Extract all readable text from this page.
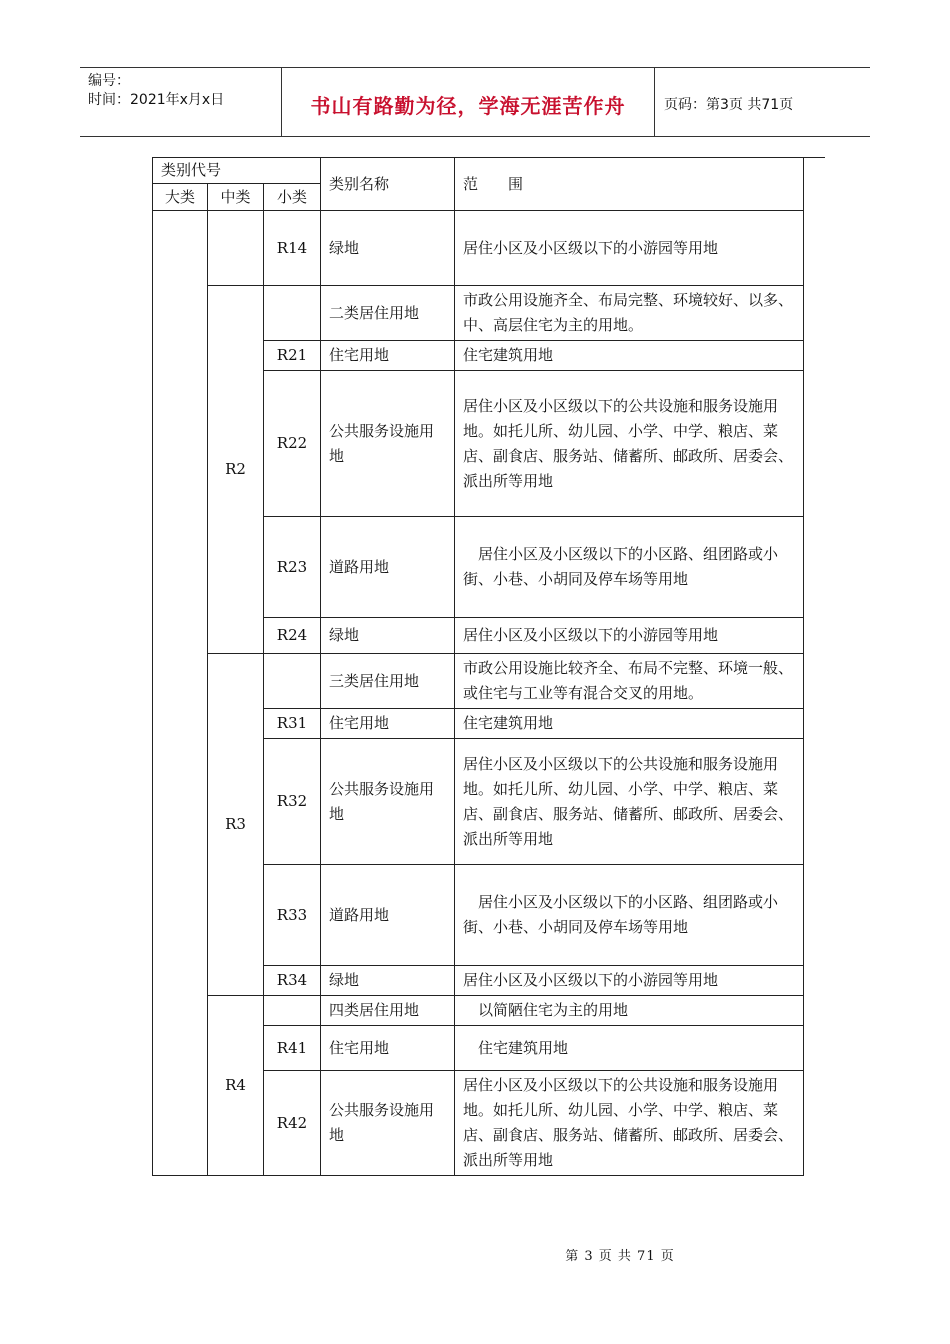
编号：
时间：2021年x月x日	书山有路勤为径，学海无涯苦作舟	页码：第3页 共71页
类别代号			类别名称	范　　围
大类	中类	小类		
		R14	绿地	居住小区及小区级以下的小游园等用地
	R2		二类居住用地	市政公用设施齐全、布局完整、环境较好、以多、中、高层住宅为主的用地。
		R21	住宅用地	住宅建筑用地
		R22	公共服务设施用地	居住小区及小区级以下的公共设施和服务设施用地。如托儿所、幼儿园、小学、中学、粮店、菜店、副食店、服务站、储蓄所、邮政所、居委会、派出所等用地
		R23	道路用地	　居住小区及小区级以下的小区路、组团路或小街、小巷、小胡同及停车场等用地
		R24	绿地	居住小区及小区级以下的小游园等用地
	R3		三类居住用地	市政公用设施比较齐全、布局不完整、环境一般、或住宅与工业等有混合交叉的用地。
		R31	住宅用地	住宅建筑用地
		R32	公共服务设施用地	居住小区及小区级以下的公共设施和服务设施用地。如托儿所、幼儿园、小学、中学、粮店、菜店、副食店、服务站、储蓄所、邮政所、居委会、派出所等用地
		R33	道路用地	　居住小区及小区级以下的小区路、组团路或小街、小巷、小胡同及停车场等用地
		R34	绿地	居住小区及小区级以下的小游园等用地
	R4		四类居住用地	　以简陋住宅为主的用地
		R41	住宅用地	　住宅建筑用地
		R42	公共服务设施用地	居住小区及小区级以下的公共设施和服务设施用地。如托儿所、幼儿园、小学、中学、粮店、菜店、副食店、服务站、储蓄所、邮政所、居委会、派出所等用地
第 3 页 共 71 页
